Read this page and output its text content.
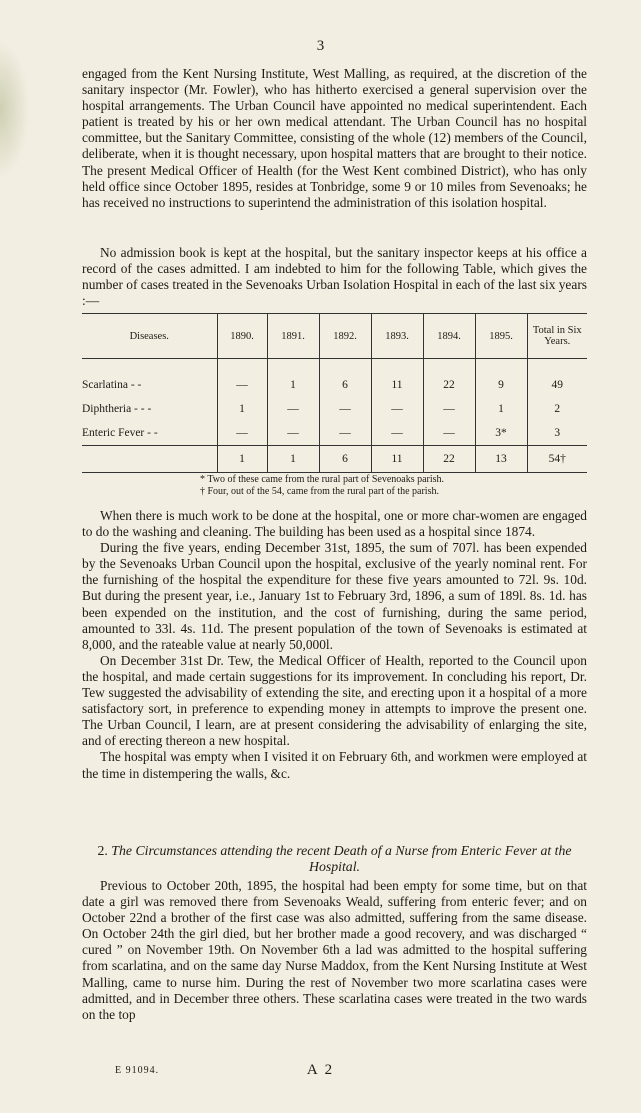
3

engaged from the Kent Nursing Institute, West Malling, as required, at the discretion of the sanitary inspector (Mr. Fowler), who has hitherto exercised a general supervision over the hospital arrangements. The Urban Council have appointed no medical superintendent. Each patient is treated by his or her own medical attendant. The Urban Council has no hospital committee, but the Sanitary Committee, consisting of the whole (12) members of the Council, deliberate, when it is thought necessary, upon hospital matters that are brought to their notice. The present Medical Officer of Health (for the West Kent combined District), who has only held office since October 1895, resides at Tonbridge, some 9 or 10 miles from Sevenoaks; he has received no instructions to superintend the administration of this isolation hospital.

No admission book is kept at the hospital, but the sanitary inspector keeps at his office a record of the cases admitted. I am indebted to him for the following Table, which gives the number of cases treated in the Sevenoaks Urban Isolation Hospital in each of the last six years :—

Diseases.	1890.	1891.	1892.	1893.	1894.	1895.	Total in Six Years.
Scarlatina - -	—	1	6	11	22	9	49
Diphtheria - - -	1	—	—	—	—	1	2
Enteric Fever - -	—	—	—	—	—	3*	3
	1	1	6	11	22	13	54†
* Two of these came from the rural part of Sevenoaks parish.
† Four, out of the 54, came from the rural part of the parish.

When there is much work to be done at the hospital, one or more char-women are engaged to do the washing and cleaning. The building has been used as a hospital since 1874.

During the five years, ending December 31st, 1895, the sum of 707l. has been expended by the Sevenoaks Urban Council upon the hospital, exclusive of the yearly nominal rent. For the furnishing of the hospital the expenditure for these five years amounted to 72l. 9s. 10d. But during the present year, i.e., January 1st to February 3rd, 1896, a sum of 189l. 8s. 1d. has been expended on the institution, and the cost of furnishing, during the same period, amounted to 33l. 4s. 11d. The present population of the town of Sevenoaks is estimated at 8,000, and the rateable value at nearly 50,000l.

On December 31st Dr. Tew, the Medical Officer of Health, reported to the Council upon the hospital, and made certain suggestions for its improvement. In concluding his report, Dr. Tew suggested the advisability of extending the site, and erecting upon it a hospital of a more satisfactory sort, in preference to expending money in attempts to improve the present one. The Urban Council, I learn, are at present considering the advisability of enlarging the site, and of erecting thereon a new hospital.

The hospital was empty when I visited it on February 6th, and workmen were employed at the time in distempering the walls, &c.

2. The Circumstances attending the recent Death of a Nurse from Enteric Fever at the Hospital.

Previous to October 20th, 1895, the hospital had been empty for some time, but on that date a girl was removed there from Sevenoaks Weald, suffering from enteric fever; and on October 22nd a brother of the first case was also admitted, suffering from the same disease. On October 24th the girl died, but her brother made a good recovery, and was discharged “ cured ” on November 19th. On November 6th a lad was admitted to the hospital suffering from scarlatina, and on the same day Nurse Maddox, from the Kent Nursing Institute at West Malling, came to nurse him. During the rest of November two more scarlatina cases were admitted, and in December three others. These scarlatina cases were treated in the two wards on the top

E 91094.	A 2
